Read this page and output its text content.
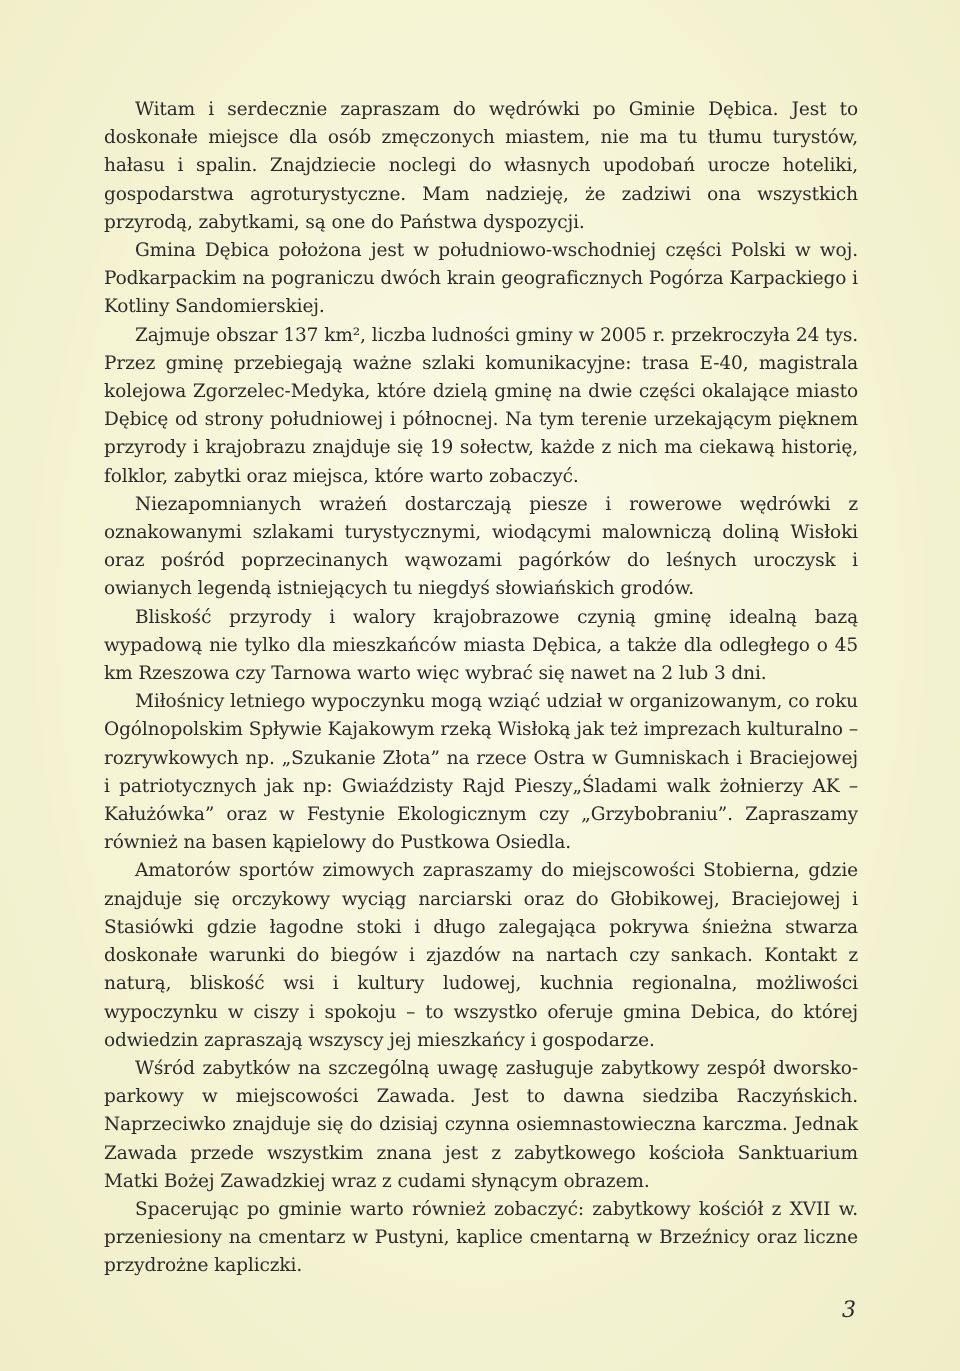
Witam i serdecznie zapraszam do wędrówki po Gminie Dębica. Jest to doskonałe miejsce dla osób zmęczonych miastem, nie ma tu tłumu turystów, hałasu i spalin. Znajdziecie noclegi do własnych upodobań urocze hoteliki, gospodarstwa agroturystyczne. Mam nadzieję, że zadziwi ona wszystkich przyrodą, zabytkami, są one do Państwa dyspozycji.

Gmina Dębica położona jest w południowo-wschodniej części Polski w woj. Podkarpackim na pograniczu dwóch krain geograficznych Pogórza Karpackiego i Kotliny Sandomierskiej.

Zajmuje obszar 137 km², liczba ludności gminy w 2005 r. przekroczyła 24 tys. Przez gminę przebiegają ważne szlaki komunikacyjne: trasa E-40, magistrala kolejowa Zgorzelec-Medyka, które dzielą gminę na dwie części okalające miasto Dębicę od strony południowej i północnej. Na tym terenie urzekającym pięknem przyrody i krajobrazu znajduje się 19 sołectw, każde z nich ma ciekawą historię, folklor, zabytki oraz miejsca, które warto zobaczyć.

Niezapomnianych wrażeń dostarczają piesze i rowerowe wędrówki z oznakowanymi szlakami turystycznymi, wiodącymi malowniczą doliną Wisłoki oraz pośród poprzecinanych wąwozami pagórków do leśnych uroczysk i owianych legendą istniejących tu niegdyś słowiańskich grodów.

Bliskość przyrody i walory krajobrazowe czynią gminę idealną bazą wypadową nie tylko dla mieszkańców miasta Dębica, a także dla odległego o 45 km Rzeszowa czy Tarnowa warto więc wybrać się nawet na 2 lub 3 dni.

Miłośnicy letniego wypoczynku mogą wziąć udział w organizowanym, co roku Ogólnopolskim Spływie Kajakowym rzeką Wisłoką jak też imprezach kulturalno – rozrywkowych np. „Szukanie Złota” na rzece Ostra w Gumniskach i Braciejowej i patriotycznych jak np: Gwiaździsty Rajd Pieszy„Śladami walk żołnierzy AK – Kałużówka” oraz w Festynie Ekologicznym czy „Grzybobraniu”. Zapraszamy również na basen kąpielowy do Pustkowa Osiedla.

Amatorów sportów zimowych zapraszamy do miejscowości Stobierna, gdzie znajduje się orczykowy wyciąg narciarski oraz do Głobikowej, Braciejowej i Stasiówki gdzie łagodne stoki i długo zalegająca pokrywa śnieżna stwarza doskonałe warunki do biegów i zjazdów na nartach czy sankach. Kontakt z naturą, bliskość wsi i kultury ludowej, kuchnia regionalna, możliwości wypoczynku w ciszy i spokoju – to wszystko oferuje gmina Debica, do której odwiedzin zapraszają wszyscy jej mieszkańcy i gospodarze.

Wśród zabytków na szczególną uwagę zasługuje zabytkowy zespół dworsko- parkowy w miejscowości Zawada. Jest to dawna siedziba Raczyńskich. Naprzeciwko znajduje się do dzisiaj czynna osiemnastowieczna karczma. Jednak Zawada przede wszystkim znana jest z zabytkowego kościoła Sanktuarium Matki Bożej Zawadzkiej wraz z cudami słynącym obrazem.

Spacerując po gminie warto również zobaczyć: zabytkowy kościół z XVII w. przeniesiony na cmentarz w Pustyni, kaplice cmentarną w Brzeźnicy oraz liczne przydrożne kapliczki.

3
